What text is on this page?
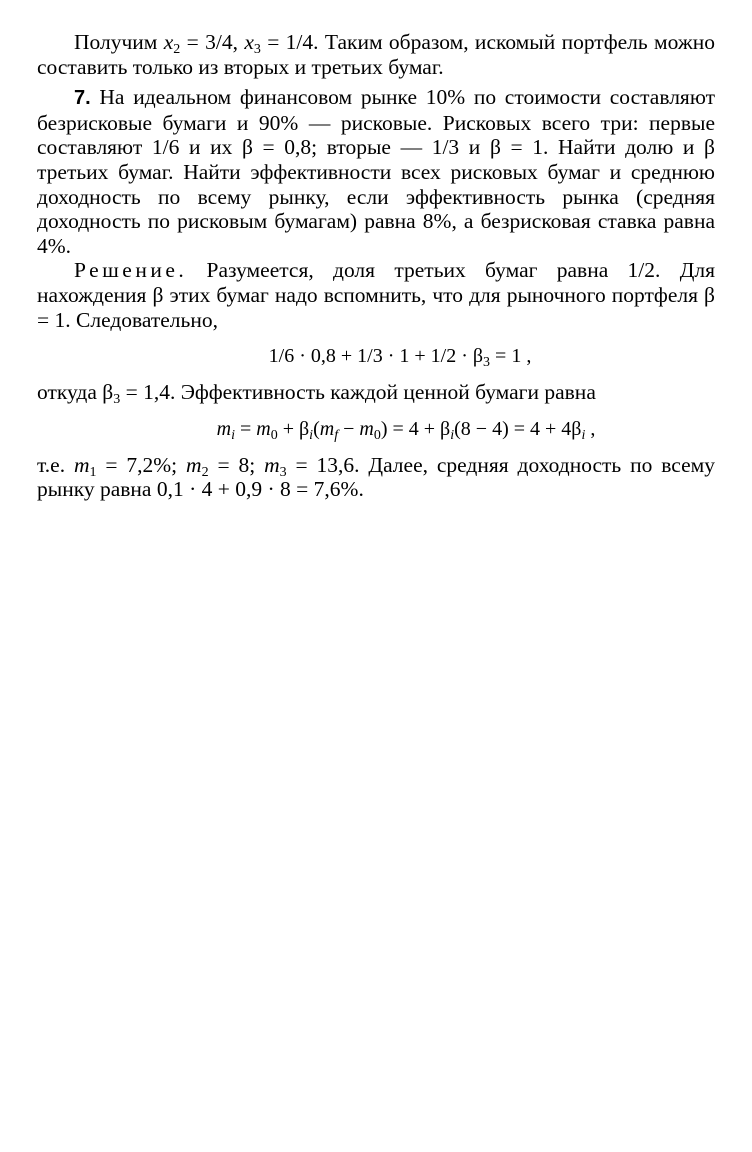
Получим $x_2 = 3/4$, $x_3 = 1/4$. Таким образом, искомый портфель можно составить только из вторых и третьих бумаг.

7. На идеальном финансовом рынке 10% по стоимости составляют безрисковые бумаги и 90% — рисковые. Рисковых всего три: первые составляют 1/6 и их β = 0,8; вторые — 1/3 и β = 1. Найти долю и β третьих бумаг. Найти эффективности всех рисковых бумаг и среднюю доходность по всему рынку, если эффективность рынка (средняя доходность по рисковым бумагам) равна 8%, а безрисковая ставка равна 4%.

Решение. Разумеется, доля третьих бумаг равна 1/2. Для нахождения β этих бумаг надо вспомнить, что для рыночного портфеля β = 1. Следовательно,

$1/6 \cdot 0,8 + 1/3 \cdot 1 + 1/2 \cdot \beta_3 = 1$ ,

откуда $\beta_3 = 1,4$. Эффективность каждой ценной бумаги равна

$m_i = m_0 + \beta_i(m_f - m_0) = 4 + \beta_i(8 - 4) = 4 + 4\beta_i$ ,

т.е. $m_1 = 7,2\%$; $m_2 = 8$; $m_3 = 13,6$. Далее, средняя доходность по всему рынку равна 0,1 · 4 + 0,9 · 8 = 7,6%.
